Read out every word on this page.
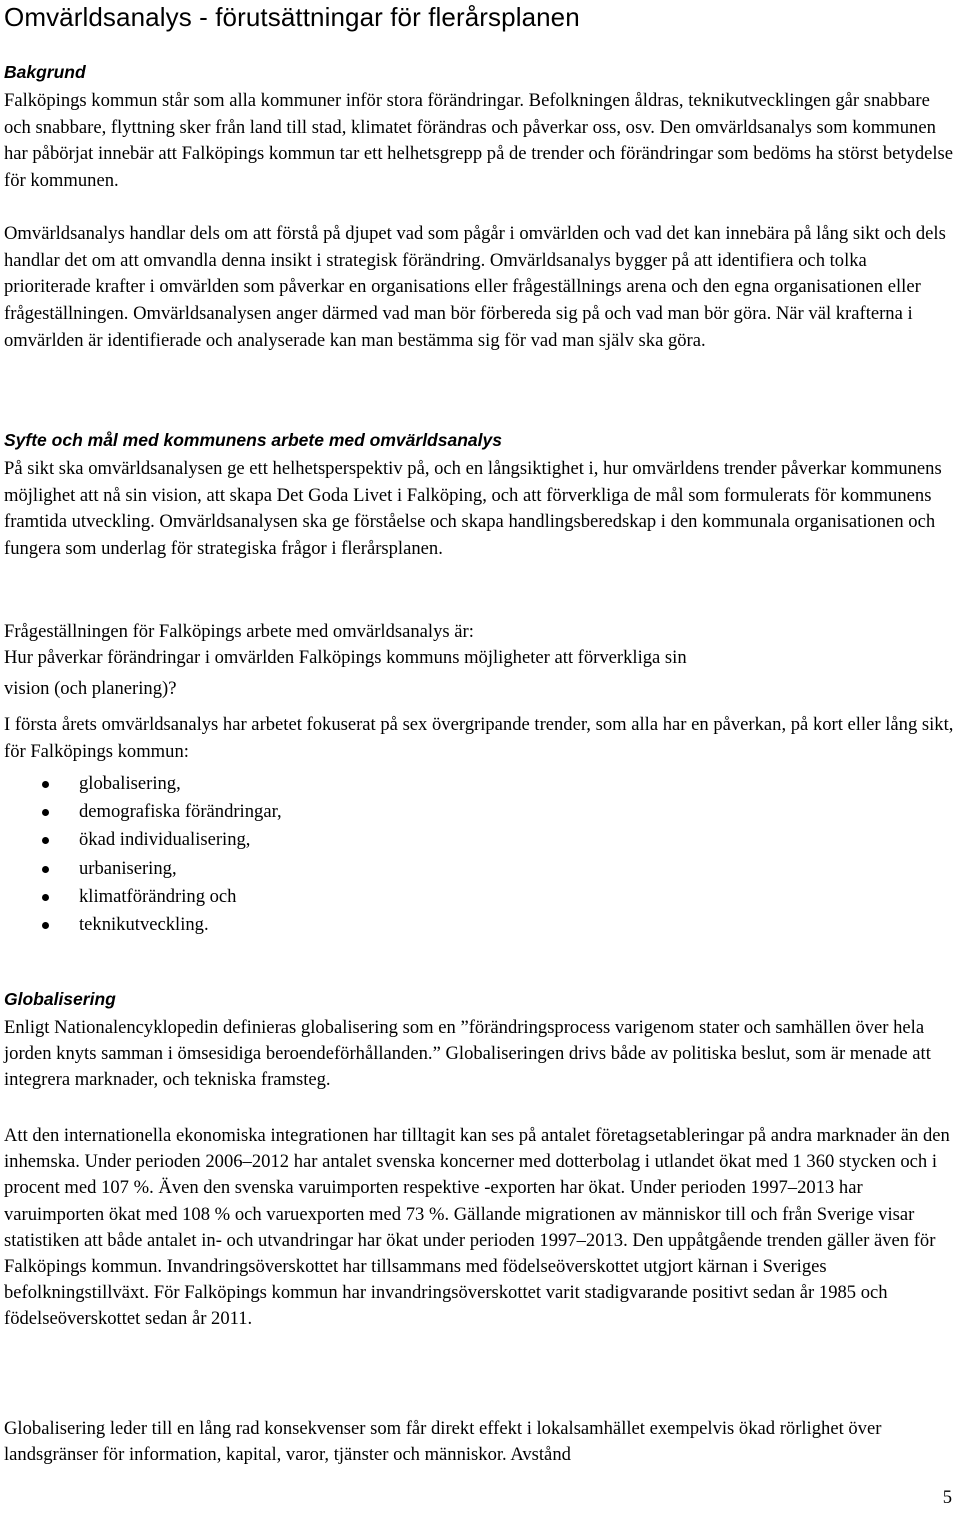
Omvärldsanalys - förutsättningar för flerårsplanen
Bakgrund

Falköpings kommun står som alla kommuner inför stora förändringar. Befolkningen åldras, teknikutvecklingen går snabbare och snabbare, flyttning sker från land till stad, klimatet förändras och påverkar oss, osv. Den omvärldsanalys som kommunen har påbörjat innebär att Falköpings kommun tar ett helhetsgrepp på de trender och förändringar som bedöms ha störst betydelse för kommunen.

Omvärldsanalys handlar dels om att förstå på djupet vad som pågår i omvärlden och vad det kan innebära på lång sikt och dels handlar det om att omvandla denna insikt i strategisk förändring. Omvärldsanalys bygger på att identifiera och tolka prioriterade krafter i omvärlden som påverkar en organisations eller frågeställnings arena och den egna organisationen eller frågeställningen. Omvärldsanalysen anger därmed vad man bör förbereda sig på och vad man bör göra. När väl krafterna i omvärlden är identifierade och analyserade kan man bestämma sig för vad man själv ska göra.

Syfte och mål med kommunens arbete med omvärldsanalys

På sikt ska omvärldsanalysen ge ett helhetsperspektiv på, och en långsiktighet i, hur omvärldens trender påverkar kommunens möjlighet att nå sin vision, att skapa Det Goda Livet i Falköping, och att förverkliga de mål som formulerats för kommunens framtida utveckling. Omvärldsanalysen ska ge förståelse och skapa handlingsberedskap i den kommunala organisationen och fungera som underlag för strategiska frågor i flerårsplanen.

Frågeställningen för Falköpings arbete med omvärldsanalys är:

Hur påverkar förändringar i omvärlden Falköpings kommuns möjligheter att förverkliga sin

vision (och planering)?

I första årets omvärldsanalys har arbetet fokuserat på sex övergripande trender, som alla har en påverkan, på kort eller lång sikt, för Falköpings kommun:

globalisering,
demografiska förändringar,
ökad individualisering,
urbanisering,
klimatförändring och
teknikutveckling.
Globalisering

Enligt Nationalencyklopedin definieras globalisering som en ”förändringsprocess varigenom stater och samhällen över hela jorden knyts samman i ömsesidiga beroendeförhållanden.” Globaliseringen drivs både av politiska beslut, som är menade att integrera marknader, och tekniska framsteg.

Att den internationella ekonomiska integrationen har tilltagit kan ses på antalet företagsetableringar på andra marknader än den inhemska. Under perioden 2006–2012 har antalet svenska koncerner med dotterbolag i utlandet ökat med 1 360 stycken och i procent med 107 %. Även den svenska varuimporten respektive -exporten har ökat. Under perioden 1997–2013 har varuimporten ökat med 108 % och varuexporten med 73 %. Gällande migrationen av människor till och från Sverige visar statistiken att både antalet in- och utvandringar har ökat under perioden 1997–2013. Den uppåtgående trenden gäller även för Falköpings kommun. Invandringsöverskottet har tillsammans med födelseöverskottet utgjort kärnan i Sveriges befolkningstillväxt. För Falköpings kommun har invandringsöverskottet varit stadigvarande positivt sedan år 1985 och födelseöverskottet sedan år 2011.

Globalisering leder till en lång rad konsekvenser som får direkt effekt i lokalsamhället exempelvis ökad rörlighet över landsgränser för information, kapital, varor, tjänster och människor. Avstånd

5
